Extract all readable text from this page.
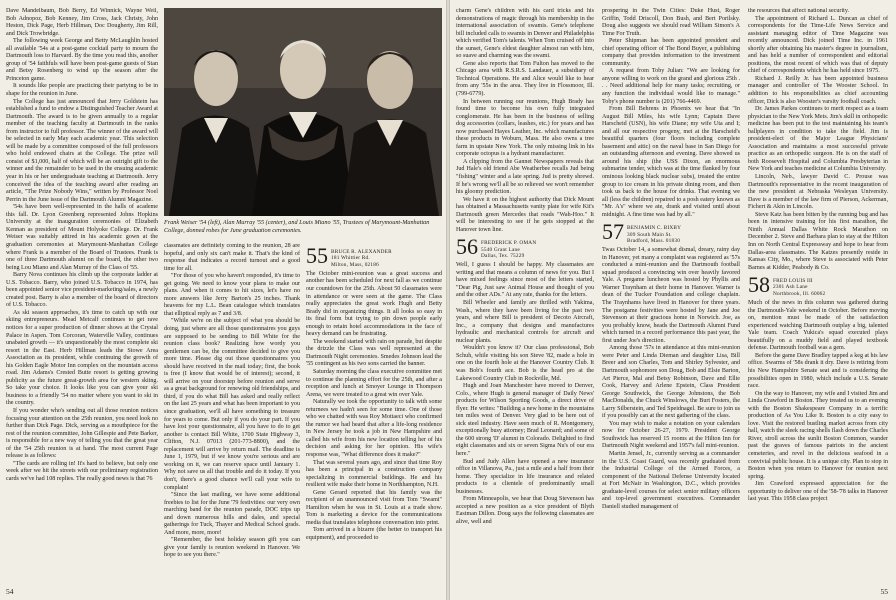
Dave Mandelbaum, Bob Berry, Ed Winnick, Wayne Weil, Bob Adnopoz, Bob Kenney, Jim Cross, Jack Christy, John Heston, Dick Page, Herb Hillman, Doc Dougherty, Jim Rill, and Dick Trowbridge.

The following week George and Betty McLaughlin hosted all available '54s at a post-game cocktail party to mourn the Dartmouth loss to Harvard. By the time you read this, another group of '54 faithfuls will have been post-game guests of Stan and Betsy Rosenberg to wind up the season after the Princeton game.

It sounds like people are practicing their partying to be in shape for the reunion in June.

The College has just announced that Jerry Goldstein has established a fund to endow a Distinguished Teacher Award at Dartmouth. The award is to be given annually to a regular member of the teaching faculty at Dartmouth in the ranks from instructor to full professor. The winner of the award will be selected in early May each academic year. This selection will be made by a committee composed of the full professors who hold endowed chairs at the College. The prize will consist of $1,000, half of which will be an outright gift to the winner and the remainder to be used in the ensuing academic year in his or her undergraduate teaching at Dartmouth. Jerry conceived the idea of the teaching award after reading an article, "The Prize Nobody Wins," written by Professor Noel Perrin in the June issue of the Dartmouth Alumni Magazine.

'54s have been well-represented in the halls of academe this fall. Dr. Lyon Greenberg represented Johns Hopkins University at the inauguration ceremonies of Elizabeth Kennan as president of Mount Holyoke College. Dr. Frank Weiser was suitably attired in his academic gown at the graduation ceremonies at Marymount-Manhattan College where Frank is a member of the Board of Trustees. Frank is one of three Dartmouth alumni on the board, the other two being Lou Miano and Alan Murray of the Class of '55.

Barry Nova continues his climb up the corporate ladder at U.S. Tobacco. Barry, who joined U.S. Tobacco in 1974, has been appointed senior vice president-marketing/sales, a newly created post. Barry is also a member of the board of directors of U.S. Tobacco.

As ski season approaches, it's time to catch up with our skiing entrepreneurs. Mead Metcalf continues to get rave notices for a super production of dinner shows at the Crystal Palace in Aspen. Tom Corcoran, Waterville Valley, continues unabated growth — it's unquestionably the most complete ski resort in the East. Herb Hillman leads the Stowe Area Association as its president, while continuing the growth of his Golden Eagle Motor Inn complex on the mountain access road. Jim Adams's Crested Butte resort is getting growing publicity as the future great-growth area for western skiing. So take your choice. It looks like you can give your ski business to a friendly '54 no matter where you want to ski in the country.

If you wonder who's sending out all those reunion notices focusing your attention on the 25th reunion, you need look no further than Dick Page. Dick, serving as a mouthpiece for the rest of the reunion committee, John Gillespie and Pete Barker, is responsible for a new way of telling you that the great year of the '54 25th reunion is at hand. The most current Page release is as follows:

"The cards are rolling in! It's hard to believe, but only one week after we hit the streets with our preliminary registration cards we've had 108 replies. The really good news is that 76

Frank Weiser '54 (left), Alan Murray '55 (center), and Louis Miano '55, Trustees of Marymount-Manhattan College, donned robes for June graduation ceremonies.

classmates are definitely coming to the reunion, 28 are hopeful, and only six can't make it. That's the kind of response that indicates a record turnout and a good time for all.

"For those of you who haven't responded, it's time to get going. We need to know your plans to make our plans. And when it comes to hit sizes, let's have no more answers like Jerry Barton's 25 inches. Thank heavens for my L.L. Bean catalogue which translates that elliptical reply as 7 and 3/8.

"While we're on the subject of what you should be doing, just where are all those questionnaires you guys are supposed to be sending to Bill White for the reunion class book? Realizing how wordy you gentlemen can be, the committee decided to give you more time. Please dig out those questionnaires you should have received in the mail today; first, the book is free (I know that would be of interest); second, it will arrive on your doorstep before reunion and serve as a great background for renewing old friendships, and third, if you do what Bill has asked and really reflect on the last 25 years and what has been important to you since graduation, we'll all have something to treasure for years to come. But only if you do your part. If you have lost your questionnaire, all you have to do to get another is contact Bill White, 1700 State Highway 3, Clifton, N.J. 07013 (201-773-8800), and the replacement will arrive by return mail. The deadline is June 1, 1979, but if we know you're serious and are working on it, we can reserve space until January 1. Why not save us all that trouble and do it today. If you don't, there's a good chance we'll call your wife to complain!

"Since the last mailing, we have some additional freebies to list for the June '79 festivities: our very own marching band for the reunion parade, DOC trips up and down numerous hills and dales, and special gatherings for Tuck, Thayer and Medical School grads. And more, more, more!

"Remember, the best holiday season gift you can give your family is reunion weekend in Hanover. We hope to see you there."

55 BRUCE R. ALEXANDER
181 Whittier Rd.
Milton, Mass, 02186

The October mini-reunion was a great success and another has been scheduled for next fall as we continue our countdown for the 25th. About 50 classmates were in attendance or were seen at the game. The Class really appreciates the great work Hugh and Betty Brady did in organizing things. It all looks so easy in its final form but trying to pin down people early enough to retain hotel accommodations in the face of heavy demand can be frustrating.

The weekend started with rain on parade, but despite the drizzle the Class was well represented at the Dartmouth Night ceremonies. Smedes Johnson lead the '55 contingent as his two sons carried the banner.

Saturday morning the class executive committee met to continue the planning effort for the 25th, and after a reception and lunch at Smoyer Lounge in Thompson Arena, we were treated to a great win over Yale.

Naturally we took the opportunity to talk with some returnees we hadn't seen for some time. One of those who we chatted with was Roy Mottaeci who confirmed the rumor we had heard that after a life-long residence in New Jersey he took a job in New Hampshire and called his wife from his new location telling her of his decision and asking for her opinion. His wife's response was, "What difference does it make?"

That was several years ago, and since that time Roy has been a principal in a construction company specializing in commercial buildings. He and his resilient wife make their home in Northhampton, N.H.

Gene Gerard reported that his family was the recipient of an unannounced visit from Tom "Swami" Hamilton when he was in St. Louis at a trade show. Tom is marketing a device for the communications media that translates telephone conversation into print.

Tom arrived in a bizarre (the better to transport his equipment), and proceeded to

54

charm Gene's children with his card tricks and his demonstrations of magic through his membership in the international association of swamis. Gene's telephone bill included calls to swamis in Denver and Philadelphia which verified Tom's talents. When Tom cruised off into the sunset, Gene's eldest daughter almost ran with him, so suave and charming was the swami.

Gene also reports that Tom Fulton has moved to the Chicago area with R.S.R.S. Landauer, a subsidiary of Technical Operations. He and Alice would like to hear from any '55s in the area. They live in Flossmoor, Ill. (799-6779).

In between running our reunions, Hugh Brady has found time to become his own fully integrated conglomerate. He has been in the business of selling dog accessories (collars, leashes, etc.) for years and has now purchased Hayes Leather, Inc. which manufactures these products in Woburn, Mass. He also owns a tree farm in upstate New York. The only missing link in his corporate octopus is a hydrant manufacturer.

A clipping from the Gannet Newspapers reveals that Jud Hale's old friend Abe Weatherbee recalls Jud being "fishing" winter and a late spring. Jud is pretty shrewd. If he's wrong we'll all be so relieved we won't remember his gloomy prediction.

We have it on the highest authority that Dick Mount has obtained a Massachusetts vanity plate for wife Kit's Dartmouth green Mercedes that reads "Wah-Hoo." It will be interesting to see if he gets stopped at the Hanover town line.

56 FREDERICK P. OMAN
5540 Grant Lane
Dallas, Tex. 75229

Well, I guess I should be happy. My classmates are writing and that means a column of news for you. But I have mixed feelings since most of the letters started, "Dear Pig, Just saw Animal House and thought of you and the other ADs." At any rate, thanks for the letters.

Bill Wheeler and family are thrilled with Yakima, Wash., where they have been living for the past two years, and where Bill is president of Decoto Aircraft, Inc., a company that designs and manufactures hydraulic and mechanical controls for aircraft and nuclear plants.

Wouldn't you know it? Our class professional, Bob Schuh, while visiting his son Steve '82, made a hole in one on the fourth hole at the Hanover Country Club. It was Bob's fourth ace. Bob is the head pro at the Lakewood Country Club in Rockville, Md.

Hugh and Joan Manchester have moved to Denver, Colo., where Hugh is general manager of Daily News' products for Wilson Sporting Goods, a direct drive of flyer. He writes: "Building a new home in the mountains ten miles west of Denver. Very glad to be here out of sick steel industry. Have seen much of R. Montgomery, exceptionally busy attorney; Brad Leonard; and some of the 600 strong 'D' alumni in Colorado. Delighted to find eight classmates and six or seven Sigma Nu's of our era here."

Bud and Judy Allen have opened a new insurance office in Villanova, Pa., just a mile and a half from their home. They specialize in life insurance and related products to a clientele of predominantly small businesses.

From Minneapolis, we hear that Doug Stevenson has accepted a new position as a vice president of Blyth Eastman Dillon. Doug says the following classmates are alive, well and

prospering in the Twin Cities: Duke Hust, Roger Griffin, Todd Driscoll, Don Bush, and Bert Porilsky. Doug also suggests we should read William Simon's A Time For Truth.

Peter Shipman has been appointed president and chief operating officer of The Bond Buyer, a publishing company that provides information to the investment community.

A request from Toby Julian: "We are looking for anyone willing to work on the grand and glorious 25th . . . Need additional help for many tasks; recruiting, or any function the individual would like to manage." Toby's phone number is (201) 766-4469.

From Bill Behrens in Phoenix we hear that "In August Bill Miles, his wife Lynn; Captain Dave Harscheid (USN), his wife Diane; my wife Uta and I; and all our respective progeny, met at the Harscheid's beautiful quarters (four floors including complete basement and attic) on the naval base in San Diego for an outstanding afternoon and evening. Dave showed us around his ship (the USS Dixon, an enormous submarine tender, which was at the time flanked by four ominous looking black nuclear subs), treated the entire group to ice cream in his private dining room, and then took us back to the house for drinks. That evening we all (less the children) repaired to a posh eatery known as "Mr. A's" where we ate, drank and visited until about midnight. A fine time was had by all."

57 BENJAMIN C. BIXBY
309 South Main St.
Bradford, Mass. 01830

Twas October 14, a somewhat dismal, dreary, rainy day in Hanover, yet many a complaint was registered as '57s conducted a mini-reunion and the Dartmouth football squad produced a convincing win over heavily favored Yale. A pregame luncheon was hosted by Phyllis and Warner Traynham at their home in Hanover. Warner is dean of the Tucker Foundation and college chaplain. The Traynhams have lived in Hanover for three years. The postgame festivities were hosted by Jane and Joe Stevenson at their gracious home in Norwich. Joe, as you probably know, heads the Dartmouth Alumni Fund which turned in a record performance this past year, the first under Joe's direction.

Among those '57s in attendance at this mini-reunion were Peter and Linda Dieman and daughter Lisa, Bill Breer and son Charles, Tom and Shirley Sylvester, and Dartmouth sophomore son Doug, Bob and Elsie Barton, Art Pierce, Mal and Betsy Robinson, Dave and Ellie Cook, Harvey and Arlene Epstein, Class President George Southwick, the George Johnstons, the Bob MacDonalds, the Chuck Winslows, the Burt Fosters, the Larry Silberstein, and Ted Speidnagel. Be sure to join us if you possibly can at the next gathering of the class.

You may wish to make a notation on your calendars now for October 26-27, 1979. President George Southwick has reserved 15 rooms at the Hilton Inn for Dartmouth Night weekend and 1957's fall mini-reunion.

Martin Jensel, Jr., currently serving as a commander in the U.S. Coast Guard, was recently graduated from the Industrial College of the Armed Forces, a component of the National Defense University located at Fort McNair in Washington, D.C., which provides graduate-level courses for select senior military officers and top-level government executives. Commander Daniell studied management of

the resources that affect national security.

The appointment of Richard L. Duncan as chief of correspondents for the Time-Life News Service and assistant managing editor of Time Magazine was recently announced. Dick joined Time Inc. in 1961 shortly after obtaining his master's degree in journalism, and has held a number of correspondent and editorial positions, the most recent of which was that of deputy chief of correspondents which he has held since 1975.

Richard J. Reilly Jr. has been appointed business manager and controller of The Wooster School. In addition to his responsibilities as chief accounting officer, Dick is also Wooster's varsity football coach.

Dr. James Parkes continues to merit respect as a team physician to the New York Mets. Jim's skill in orthopedic medicine has been put to the test maintaining his team's ballplayers in condition to take the field. Jim is president-elect of the Major League Physicians' Association and maintains a most successful private practice as an orthopedic surgeon. He is on the staff of both Roosevelt Hospital and Columbia Presbyterian in New York and teaches medicine at Columbia University.

Lincoln, Neb., lawyer David C. Prouse was Dartmouth's representative in the recent inauguration of the new president at Nebraska Wesleyan University. Dave is a member of the law firm of Pierson, Ackerman, Fichert & Akin in Lincoln.

Steve Katz has been bitten by the running bug and has been in intensive training for his first marathon, the Ninth Annual Dallas White Rock Marathon on December 2. Steve and Barbara plan to stay at the Hilton Inn on North Central Expressway and hope to hear from Dallas-area classmates. The Katzes presently reside in Kansas City, Mo., where Steve is associated with Peter Barnes at Kidder, Peabody & Co.

58 FRED LOUIS III
2301 Ash Lane
Northbrook, Ill. 60062

Much of the news in this column was gathered during the Dartmouth-Yale weekend in October. Before moving on, mention must be made of the satisfaction experienced watching Dartmouth outplay a big, talented Yale team. Coach Yukica's squad executed plays beautifully on a muddy field and played textbook defense. Dartmouth football was a gem.

Before the game Dave Bradley tapped a keg at his law office. Swarms of '58s drank it dry. Dave is retiring from his New Hampshire Senate seat and is considering the possibilities open in 1980, which include a U.S. Senate race.

On the way to Hanover, my wife and I visited Jim and Linda Crawford in Boston. They treated us to an evening with the Boston Shakespeare Company in a terrific production of As You Like It. Boston is a city easy to love. Visit the restored bustling market across from city hall, watch the sleek racing shells flash down the Charles River, stroll across the sunlit Boston Common, wander past the graves of famous patriots in the ancient cemeteries, and revel in the delicious seafood in a convivial public house. It is a unique city. Plan to stop in Boston when you return to Hanover for reunion next spring.

Jim Crawford expressed appreciation for the opportunity to deliver one of the '58-'78 talks in Hanover last year. This 1958 class project

55
